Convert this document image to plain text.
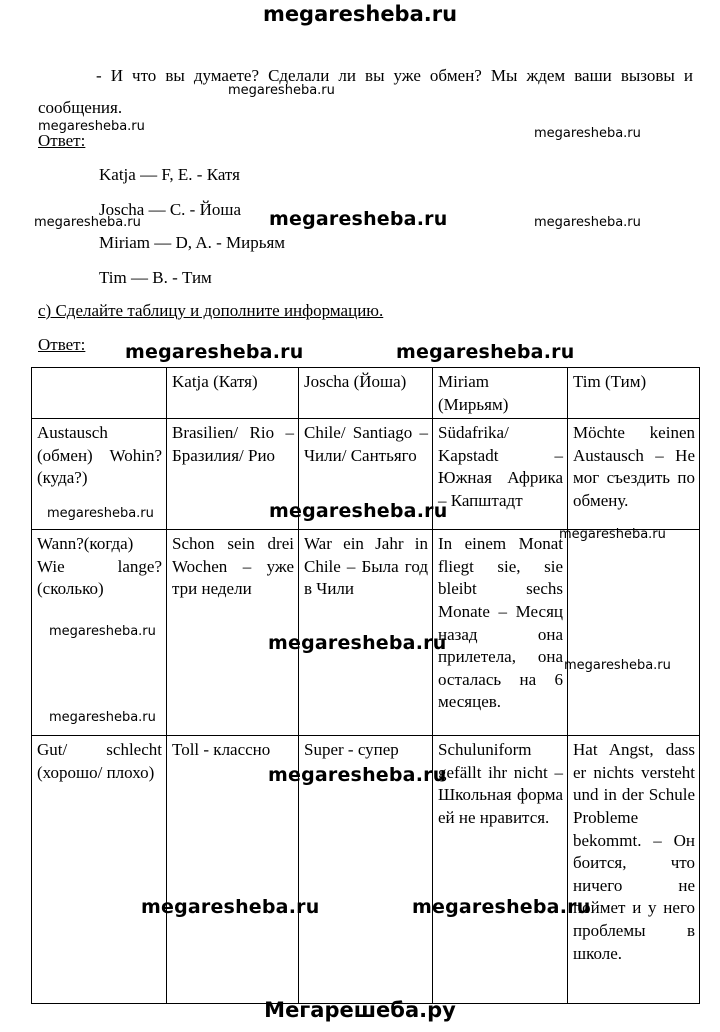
megaresheba.ru

- И что вы думаете? Сделали ли вы уже обмен? Мы ждем ваши вызовы и сообщения.

Ответ:
Katja — F, E. - Катя
Joscha — C. - Йоша
Miriam — D, A. - Мирьям
Tim — B. - Тим
c) Сделайте таблицу и дополните информацию.
Ответ:
	Katja (Катя)	Joscha (Йоша)	Miriam (Мирьям)	Tim (Тим)
Austausch (обмен) Wohin? (куда?)	Brasilien/ Rio – Бразилия/ Рио	Chile/ Santiago – Чили/ Сантьяго	Südafrika/ Kapstadt – Южная Африка – Капштадт	Möchte keinen Austausch – Не мог съездить по обмену.
Wann?(когда) Wie lange? (сколько)	Schon sein drei Wochen – уже три недели	War ein Jahr in Chile – Была год в Чили	In einem Monat fliegt sie, sie bleibt sechs Monate – Месяц назад она прилетела, она осталась на 6 месяцев.	
Gut/ schlecht (хорошо/ плохо)	Toll - классно	Super - супер	Schuluniform gefällt ihr nicht – Школьная форма ей не нравится.	Hat Angst, dass er nichts versteht und in der Schule Probleme bekommt. – Он боится, что ничего не поймет и у него проблемы в школе.
megaresheba.ru
megaresheba.ru	megaresheba.ru
megaresheba.ru	megaresheba.ru	megaresheba.ru
megaresheba.ru	megaresheba.ru
megaresheba.ru	megaresheba.ru
megaresheba.ru
megaresheba.ru
megaresheba.ru
megaresheba.ru
megaresheba.ru
megaresheba.ru
megaresheba.ru	megaresheba.ru
Мегарешеба.ру
